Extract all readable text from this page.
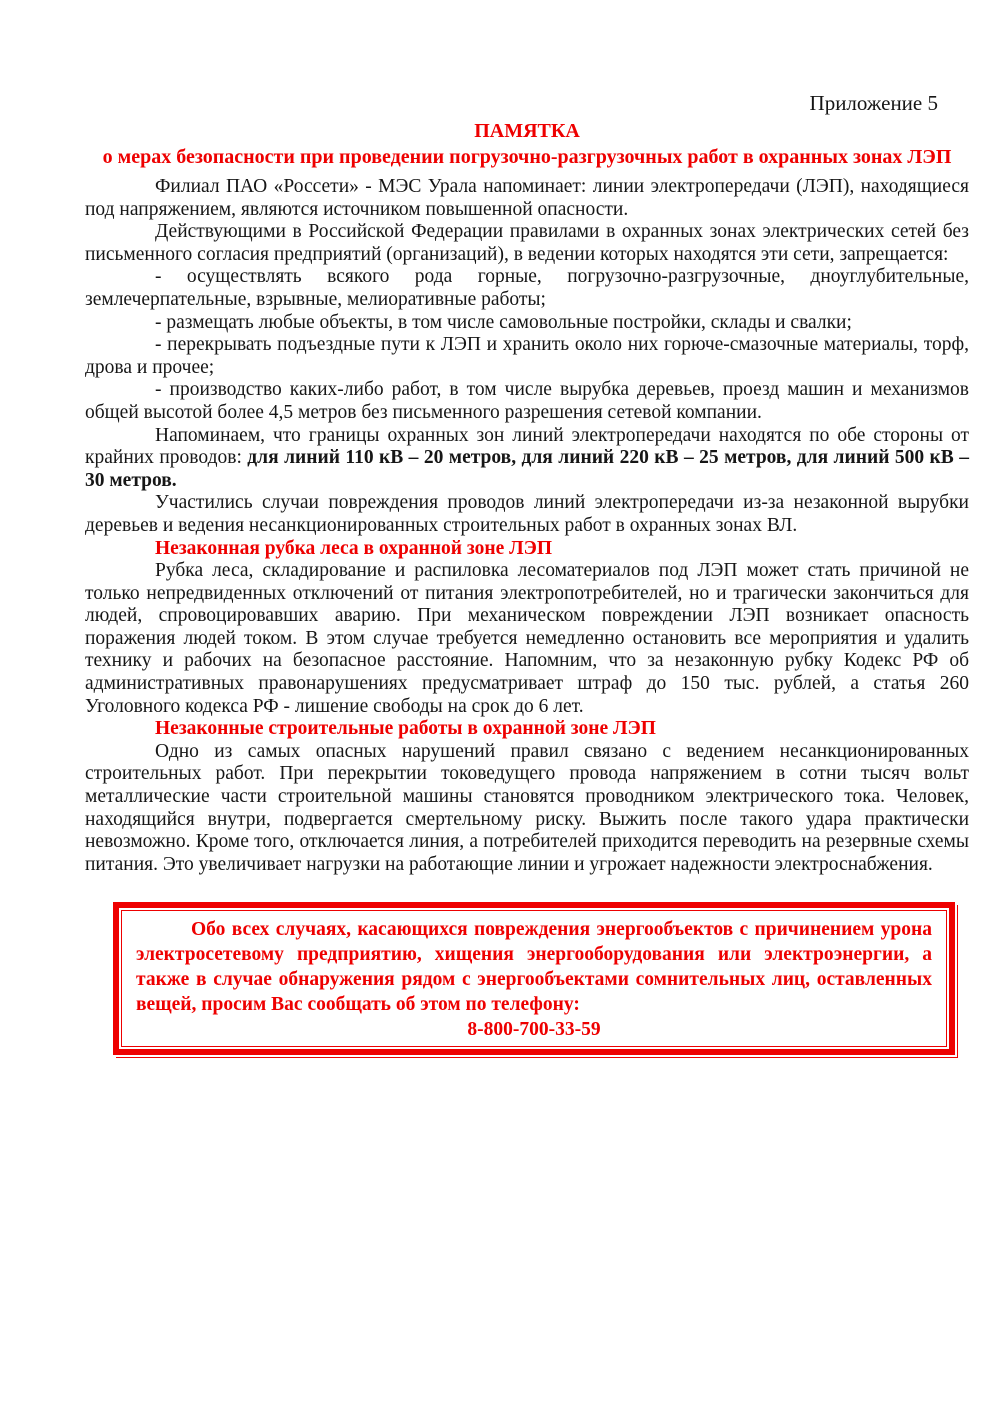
Приложение 5
ПАМЯТКА
о мерах безопасности при проведении погрузочно-разгрузочных работ в охранных зонах ЛЭП

Филиал ПАО «Россети» - МЭС Урала напоминает: линии электропередачи (ЛЭП), находящиеся под напряжением, являются источником повышенной опасности.

Действующими в Российской Федерации правилами в охранных зонах электрических сетей без письменного согласия предприятий (организаций), в ведении которых находятся эти сети, запрещается:

- осуществлять всякого рода горные, погрузочно-разгрузочные, дноуглубительные, землечерпательные, взрывные, мелиоративные работы;

- размещать любые объекты, в том числе самовольные постройки, склады и свалки;

- перекрывать подъездные пути к ЛЭП и хранить около них горюче-смазочные материалы, торф, дрова и прочее;

- производство каких-либо работ, в том числе вырубка деревьев, проезд машин и механизмов общей высотой более 4,5 метров без письменного разрешения сетевой компании.

Напоминаем, что границы охранных зон линий электропередачи находятся по обе стороны от крайних проводов: для линий 110 кВ – 20 метров, для линий 220 кВ – 25 метров, для линий 500 кВ – 30 метров.

Участились случаи повреждения проводов линий электропередачи из-за незаконной вырубки деревьев и ведения несанкционированных строительных работ в охранных зонах ВЛ.

Незаконная рубка леса в охранной зоне ЛЭП

Рубка леса, складирование и распиловка лесоматериалов под ЛЭП может стать причиной не только непредвиденных отключений от питания электропотребителей, но и трагически закончиться для людей, спровоцировавших аварию. При механическом повреждении ЛЭП возникает опасность поражения людей током. В этом случае требуется немедленно остановить все мероприятия и удалить технику и рабочих на безопасное расстояние. Напомним, что за незаконную рубку Кодекс РФ об административных правонарушениях предусматривает штраф до 150 тыс. рублей, а статья 260 Уголовного кодекса РФ - лишение свободы на срок до 6 лет.

Незаконные строительные работы в охранной зоне ЛЭП

Одно из самых опасных нарушений правил связано с ведением несанкционированных строительных работ. При перекрытии токоведущего провода напряжением в сотни тысяч вольт металлические части строительной машины становятся проводником электрического тока. Человек, находящийся внутри, подвергается смертельному риску. Выжить после такого удара практически невозможно. Кроме того, отключается линия, а потребителей приходится переводить на резервные схемы питания. Это увеличивает нагрузки на работающие линии и угрожает надежности электроснабжения.

Обо всех случаях, касающихся повреждения энергообъектов с причинением урона электросетевому предприятию, хищения энергооборудования или электроэнергии, а также в случае обнаружения рядом с энергообъектами сомнительных лиц, оставленных вещей, просим Вас сообщать об этом по телефону:

8-800-700-33-59
